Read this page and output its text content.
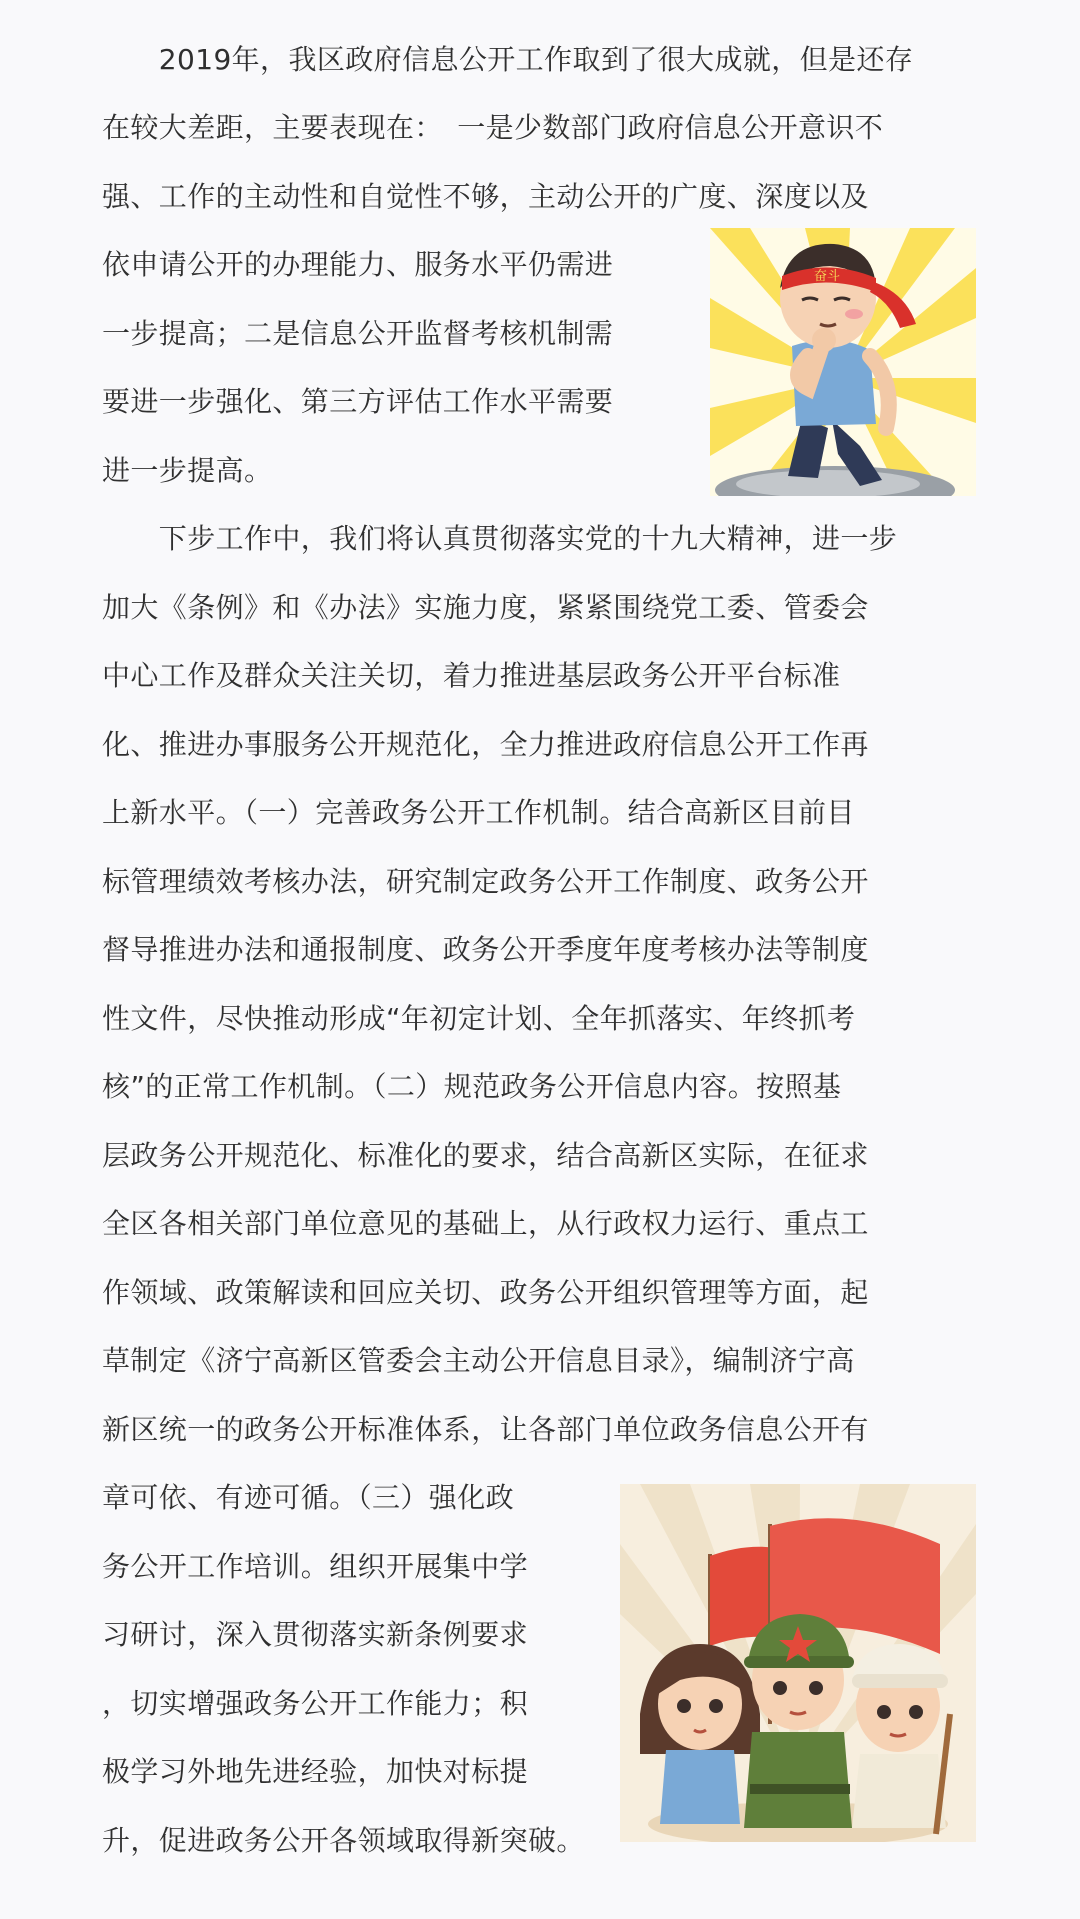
　　2019年，我区政府信息公开工作取到了很大成就，但是还存
在较大差距，主要表现在：　一是少数部门政府信息公开意识不
强、工作的主动性和自觉性不够，主动公开的广度、深度以及
依申请公开的办理能力、服务水平仍需进
一步提高；二是信息公开监督考核机制需
要进一步强化、第三方评估工作水平需要
进一步提高。
　　下步工作中，我们将认真贯彻落实党的十九大精神，进一步
加大《条例》和《办法》实施力度，紧紧围绕党工委、管委会
中心工作及群众关注关切，着力推进基层政务公开平台标准
化、推进办事服务公开规范化，全力推进政府信息公开工作再
上新水平。（一）完善政务公开工作机制。结合高新区目前目
标管理绩效考核办法，研究制定政务公开工作制度、政务公开
督导推进办法和通报制度、政务公开季度年度考核办法等制度
性文件，尽快推动形成“年初定计划、全年抓落实、年终抓考
核”的正常工作机制。（二）规范政务公开信息内容。按照基
层政务公开规范化、标准化的要求，结合高新区实际，在征求
全区各相关部门单位意见的基础上，从行政权力运行、重点工
作领域、政策解读和回应关切、政务公开组织管理等方面，起
草制定《济宁高新区管委会主动公开信息目录》，编制济宁高
新区统一的政务公开标准体系，让各部门单位政务信息公开有
章可依、有迹可循。（三）强化政
务公开工作培训。组织开展集中学
习研讨，深入贯彻落实新条例要求
，切实增强政务公开工作能力；积
极学习外地先进经验，加快对标提
升，促进政务公开各领域取得新突破。
奋斗
